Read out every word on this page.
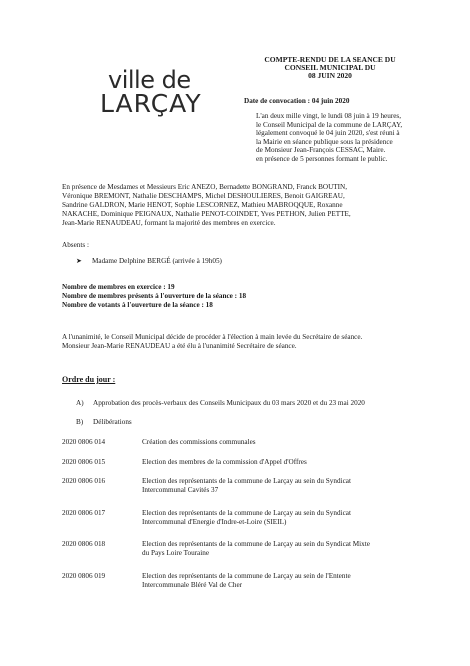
ville de
LARÇAY
COMPTE-RENDU DE LA SEANCE DU
CONSEIL MUNICIPAL DU
08 JUIN 2020
Date de convocation : 04 juin 2020
L'an deux mille vingt, le lundi 08 juin à 19 heures,
le Conseil Municipal de la commune de LARÇAY,
légalement convoqué le 04 juin 2020, s'est réuni à
la Mairie en séance publique sous la présidence
de Monsieur Jean-François CESSAC, Maire.
en présence de 5 personnes formant le public.
En présence de Mesdames et Messieurs Eric ANEZO, Bernadette BONGRAND, Franck BOUTIN,
Véronique BREMONT, Nathalie DESCHAMPS, Michel DESHOULIERES, Benoit GAIGREAU,
Sandrine GALDRON, Marie HENOT, Sophie LESCORNEZ, Mathieu MABROQQUE, Roxanne
NAKACHE, Dominique PEIGNAUX, Nathalie PENOT-COINDET, Yves PETHON, Julien PETTE,
Jean-Marie RENAUDEAU, formant la majorité des membres en exercice.
Absents :
➤ Madame Delphine BERGÉ (arrivée à 19h05)
Nombre de membres en exercice : 19
Nombre de membres présents à l'ouverture de la séance : 18
Nombre de votants à l'ouverture de la séance : 18
A l'unanimité, le Conseil Municipal décide de procéder à l'élection à main levée du Secrétaire de séance.
Monsieur Jean-Marie RENAUDEAU a été élu à l'unanimité Secrétaire de séance.
Ordre du jour :
A) Approbation des procès-verbaux des Conseils Municipaux du 03 mars 2020 et du 23 mai 2020
B) Délibérations
2020 0806 014	Création des commissions communales
2020 0806 015	Election des membres de la commission d'Appel d'Offres
2020 0806 016	Election des représentants de la commune de Larçay au sein du Syndicat
Intercommunal Cavités 37
2020 0806 017	Election des représentants de la commune de Larçay au sein du Syndicat
Intercommunal d'Energie d'Indre-et-Loire (SIEIL)
2020 0806 018	Election des représentants de la commune de Larçay au sein du Syndicat Mixte
du Pays Loire Touraine
2020 0806 019	Election des représentants de la commune de Larçay au sein de l'Entente
Intercommunale Bléré Val de Cher
